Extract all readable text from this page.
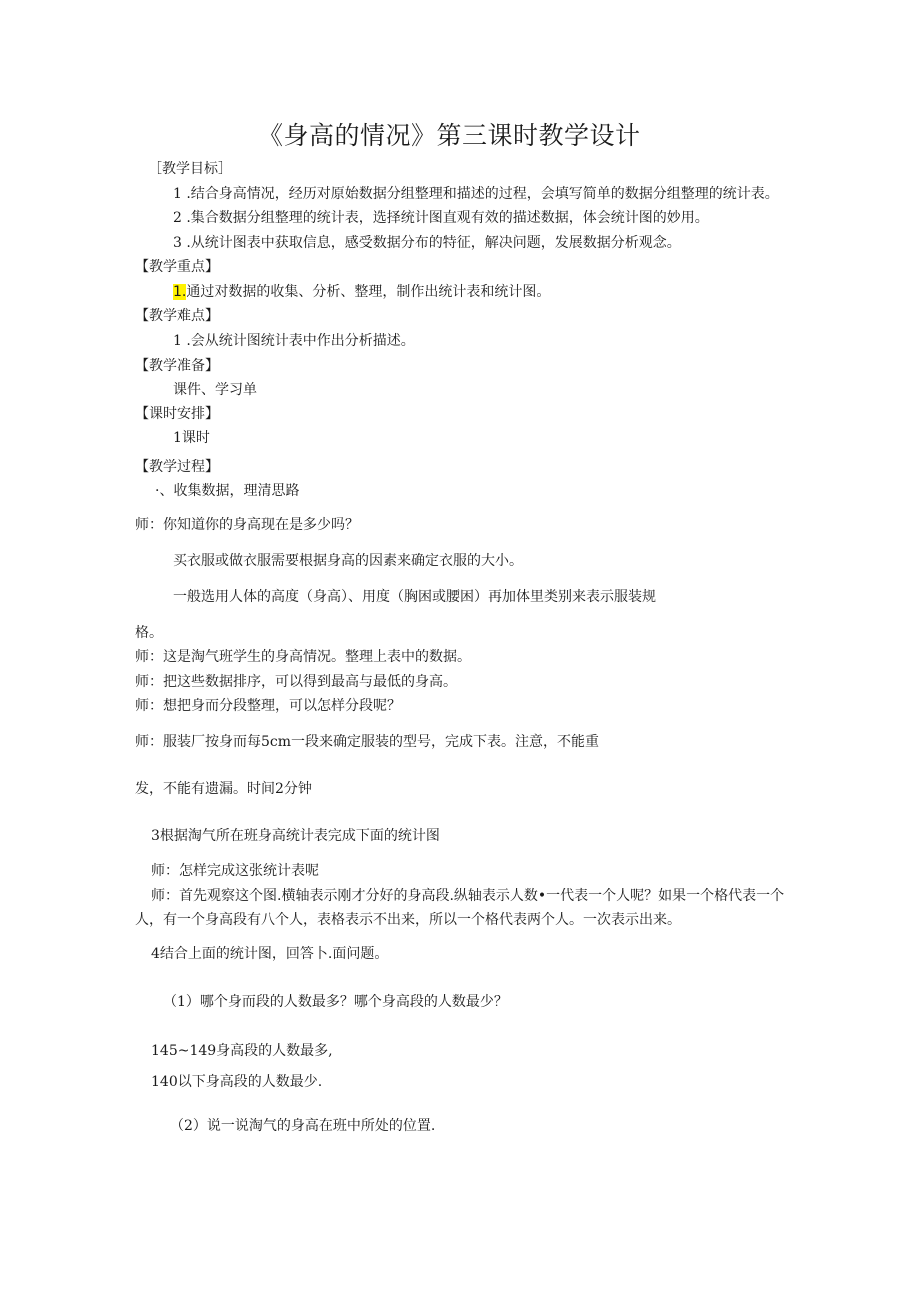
《身高的情况》第三课时教学设计
［教学目标］
1 .结合身高情况，经历对原始数据分组整理和描述的过程，会填写简单的数据分组整理的统计表。
2 .集合数据分组整理的统计表，选择统计图直观有效的描述数据，体会统计图的妙用。
3 .从统计图表中获取信息，感受数据分布的特征，解决问题，发展数据分析观念。
【教学重点】
1.通过对数据的收集、分析、整理，制作出统计表和统计图。
【教学难点】
1 .会从统计图统计表中作出分析描述。
【教学准备】
课件、学习单
【课时安排】
1课时
【教学过程】
·、收集数据，理清思路
师：你知道你的身高现在是多少吗？
买衣服或做衣服需要根据身高的因素来确定衣服的大小。
一般选用人体的高度（身高）、用度（胸困或腰困）再加体里类别来表示服装规
格。
师：这是淘气班学生的身高情况。整理上表中的数据。
师：把这些数据排序，可以得到最高与最低的身高。
师：想把身而分段整理，可以怎样分段呢？
师：服装厂按身而每5cm一段来确定服装的型号，完成下表。注意，不能重
发，不能有遗漏。时间2分钟
3根据淘气所在班身高统计表完成下面的统计图
师：怎样完成这张统计表呢
师：首先观察这个图.横轴表示刚才分好的身高段.纵轴表示人数•一代表一个人呢？如果一个格代表一个
人，有一个身高段有八个人，表格表示不出来，所以一个格代表两个人。一次表示出来。
4结合上面的统计图，回答卜.面问题。
（1）哪个身而段的人数最多？哪个身高段的人数最少？
145~149身高段的人数最多,
140以下身高段的人数最少.
（2）说一说淘气的身高在班中所处的位置.
